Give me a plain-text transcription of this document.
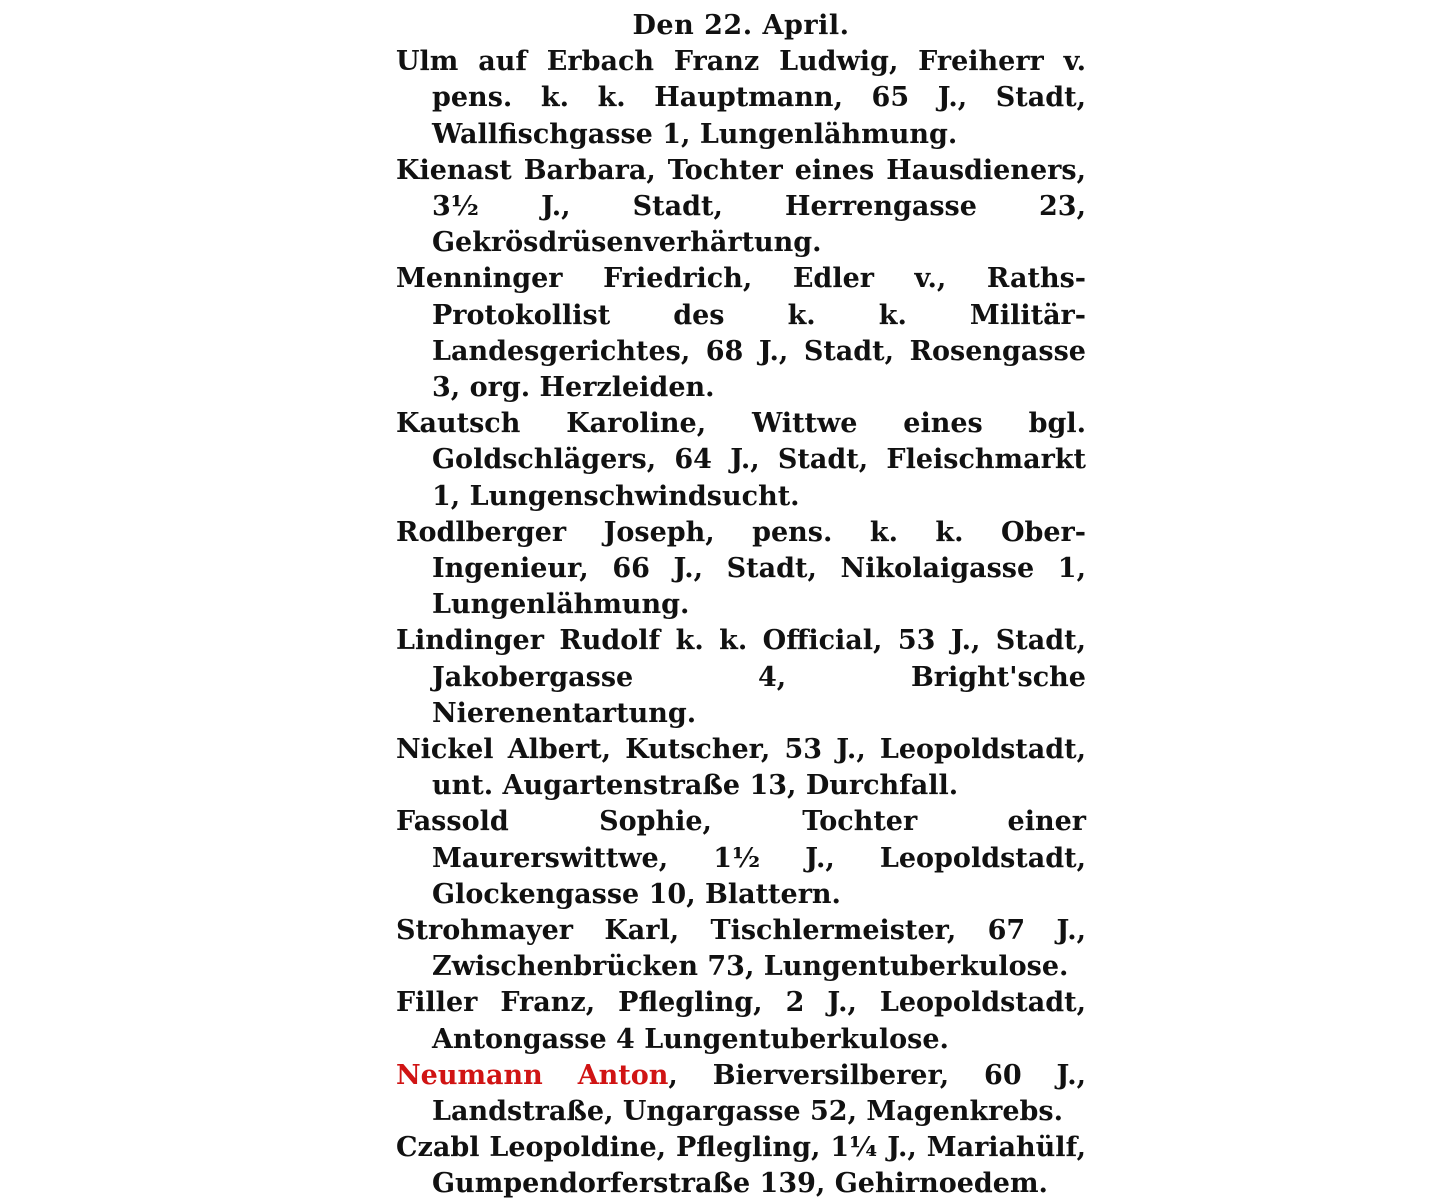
Den 22. April.
Ulm auf Erbach Franz Ludwig, Freiherr v. pens. k. k. Hauptmann, 65 J., Stadt, Wallfischgasse 1, Lungenlähmung.
Kienast Barbara, Tochter eines Hausdieners, 3½ J., Stadt, Herrengasse 23, Gekrösdrüsenverhärtung.
Menninger Friedrich, Edler v., Raths-Protokollist des k. k. Militär-Landesgerichtes, 68 J., Stadt, Rosengasse 3, org. Herzleiden.
Kautsch Karoline, Wittwe eines bgl. Goldschlägers, 64 J., Stadt, Fleischmarkt 1, Lungenschwindsucht.
Rodlberger Joseph, pens. k. k. Ober-Ingenieur, 66 J., Stadt, Nikolaigasse 1, Lungenlähmung.
Lindinger Rudolf k. k. Official, 53 J., Stadt, Jakobergasse 4, Bright'sche Nierenentartung.
Nickel Albert, Kutscher, 53 J., Leopoldstadt, unt. Augartenstraße 13, Durchfall.
Fassold Sophie, Tochter einer Maurerswittwe, 1½ J., Leopoldstadt, Glockengasse 10, Blattern.
Strohmayer Karl, Tischlermeister, 67 J., Zwischenbrücken 73, Lungentuberkulose.
Filler Franz, Pflegling, 2 J., Leopoldstadt, Antongasse 4 Lungentuberkulose.
Neumann Anton, Bierversilberer, 60 J., Landstraße, Ungargasse 52, Magenkrebs.
Czabl Leopoldine, Pflegling, 1¼ J., Mariahülf, Gumpendorferstraße 139, Gehirnoedem.
